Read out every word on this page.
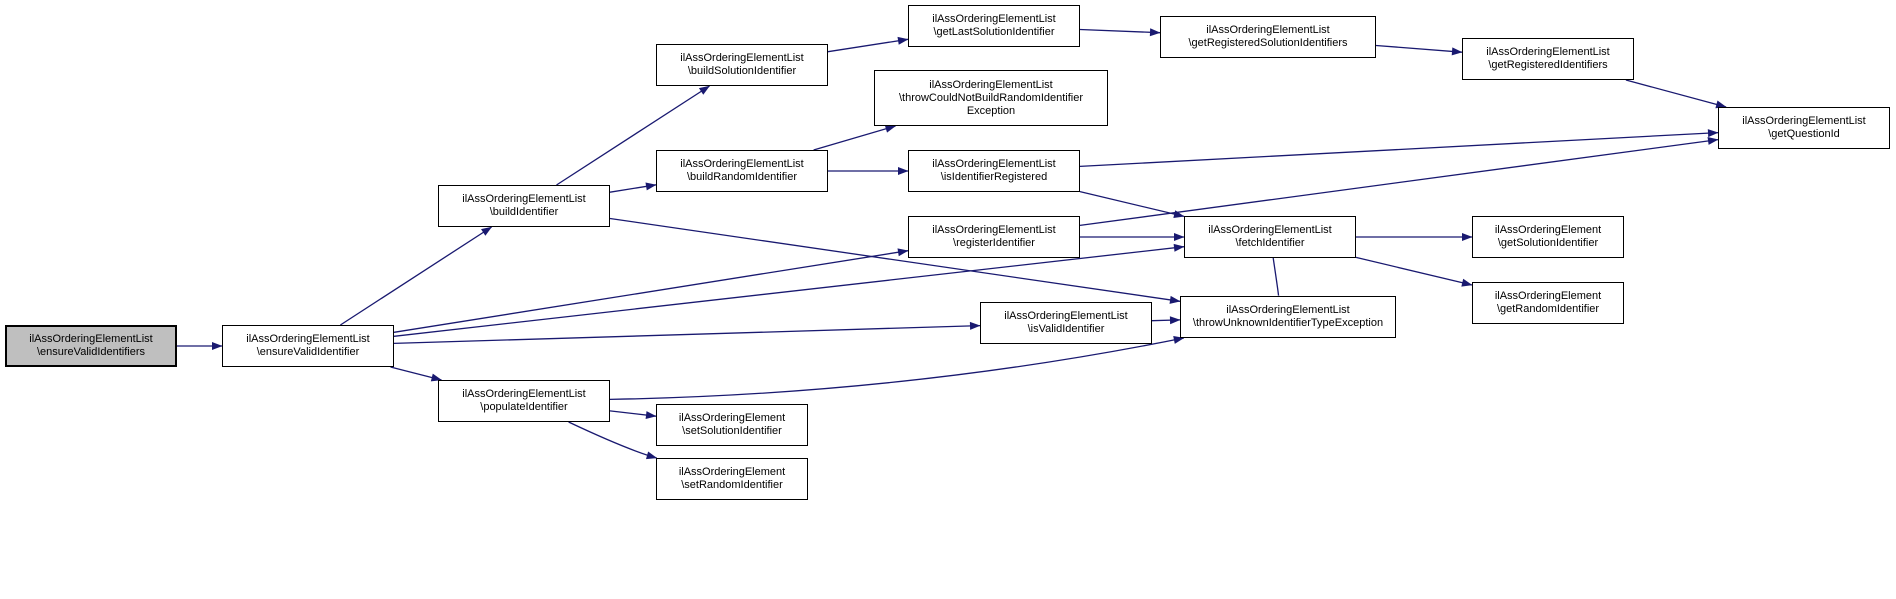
ilAssOrderingElementList
\ensureValidIdentifiers
ilAssOrderingElementList
\ensureValidIdentifier
ilAssOrderingElementList
\buildIdentifier
ilAssOrderingElementList
\buildSolutionIdentifier
ilAssOrderingElementList
\buildRandomIdentifier
ilAssOrderingElementList
\getLastSolutionIdentifier	ilAssOrderingElementList
\getRegisteredSolutionIdentifiers
ilAssOrderingElementList
\getRegisteredIdentifiers
ilAssOrderingElementList
\getQuestionId
ilAssOrderingElementList
\throwCouldNotBuildRandomIdentifier
Exception
ilAssOrderingElementList
\isIdentifierRegistered
ilAssOrderingElementList
\registerIdentifier
ilAssOrderingElementList
\fetchIdentifier
ilAssOrderingElement
\getSolutionIdentifier
ilAssOrderingElement
\getRandomIdentifier
ilAssOrderingElementList
\isValidIdentifier
ilAssOrderingElementList
\throwUnknownIdentifierTypeException
ilAssOrderingElementList
\populateIdentifier
ilAssOrderingElement
\setSolutionIdentifier
ilAssOrderingElement
\setRandomIdentifier
